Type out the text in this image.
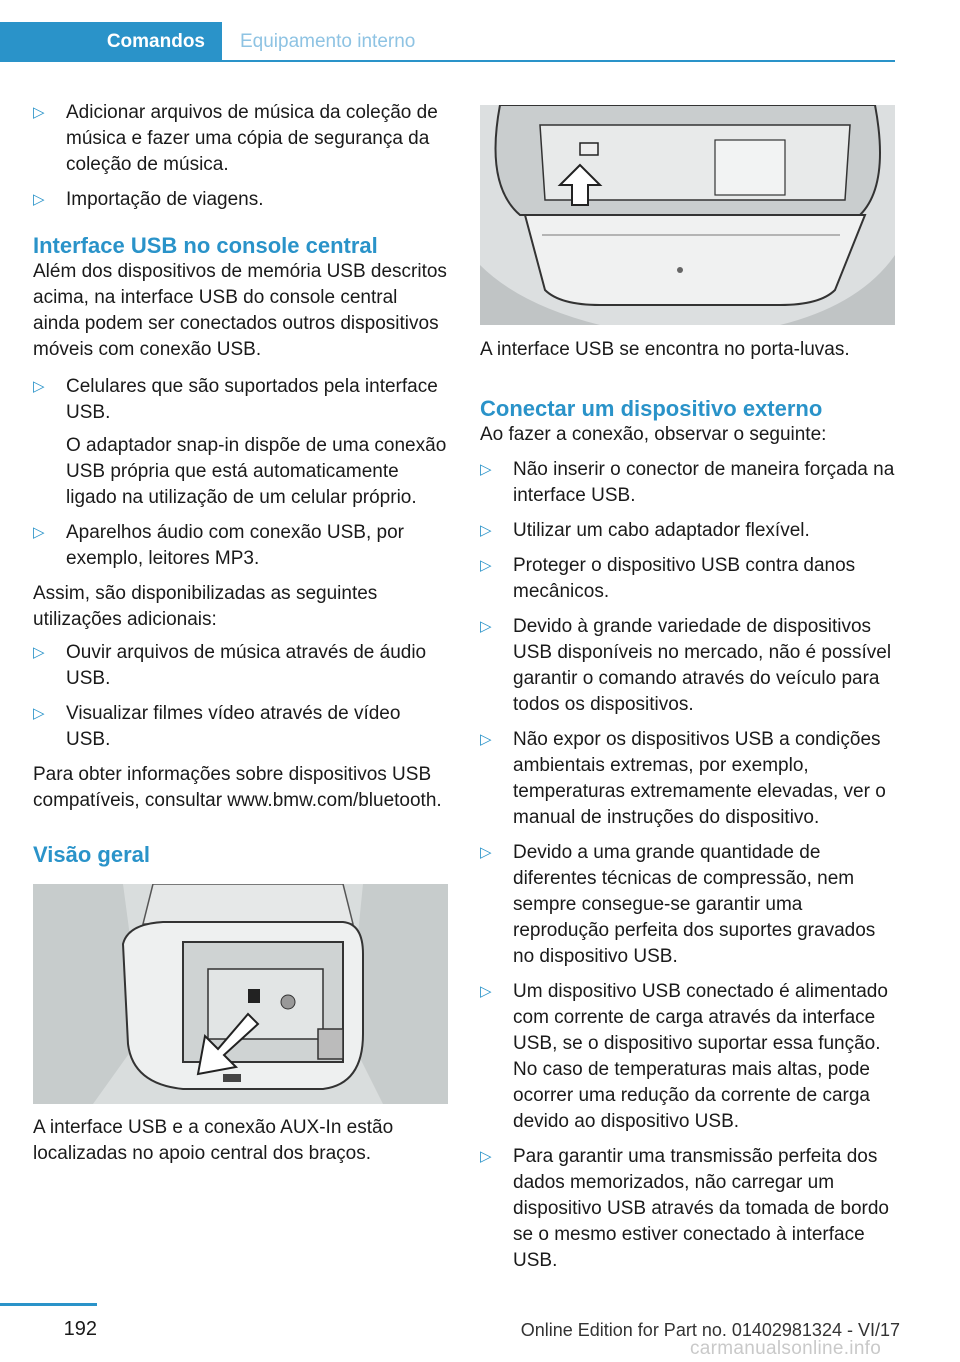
Comandos	Equipamento interno
▷ Adicionar arquivos de música da coleção de música e fazer uma cópia de segurança da coleção de música.
▷ Importação de viagens.
Interface USB no console central

Além dos dispositivos de memória USB descritos acima, na interface USB do console central ainda podem ser conectados outros dispositivos móveis com conexão USB.

▷ Celulares que são suportados pela interface USB.
O adaptador snap-in dispõe de uma conexão USB própria que está automaticamente ligado na utilização de um celular próprio.
▷ Aparelhos áudio com conexão USB, por exemplo, leitores MP3.

Assim, são disponibilizadas as seguintes utilizações adicionais:

▷ Ouvir arquivos de música através de áudio USB.
▷ Visualizar filmes vídeo através de vídeo USB.

Para obter informações sobre dispositivos USB compatíveis, consultar www.bmw.com/bluetooth.

Visão geral

A interface USB e a conexão AUX-In estão localizadas no apoio central dos braços.

A interface USB se encontra no porta-luvas.

Conectar um dispositivo externo

Ao fazer a conexão, observar o seguinte:

▷ Não inserir o conector de maneira forçada na interface USB.
▷ Utilizar um cabo adaptador flexível.
▷ Proteger o dispositivo USB contra danos mecânicos.
▷ Devido à grande variedade de dispositivos USB disponíveis no mercado, não é possível garantir o comando através do veículo para todos os dispositivos.
▷ Não expor os dispositivos USB a condições ambientais extremas, por exemplo, temperaturas extremamente elevadas, ver o manual de instruções do dispositivo.
▷ Devido a uma grande quantidade de diferentes técnicas de compressão, nem sempre consegue-se garantir uma reprodução perfeita dos suportes gravados no dispositivo USB.
▷ Um dispositivo USB conectado é alimentado com corrente de carga através da interface USB, se o dispositivo suportar essa função. No caso de temperaturas mais altas, pode ocorrer uma redução da corrente de carga devido ao dispositivo USB.
▷ Para garantir uma transmissão perfeita dos dados memorizados, não carregar um dispositivo USB através da tomada de bordo se o mesmo estiver conectado à interface USB.
192	Online Edition for Part no. 01402981324 - VI/17
carmanualsonline.info
